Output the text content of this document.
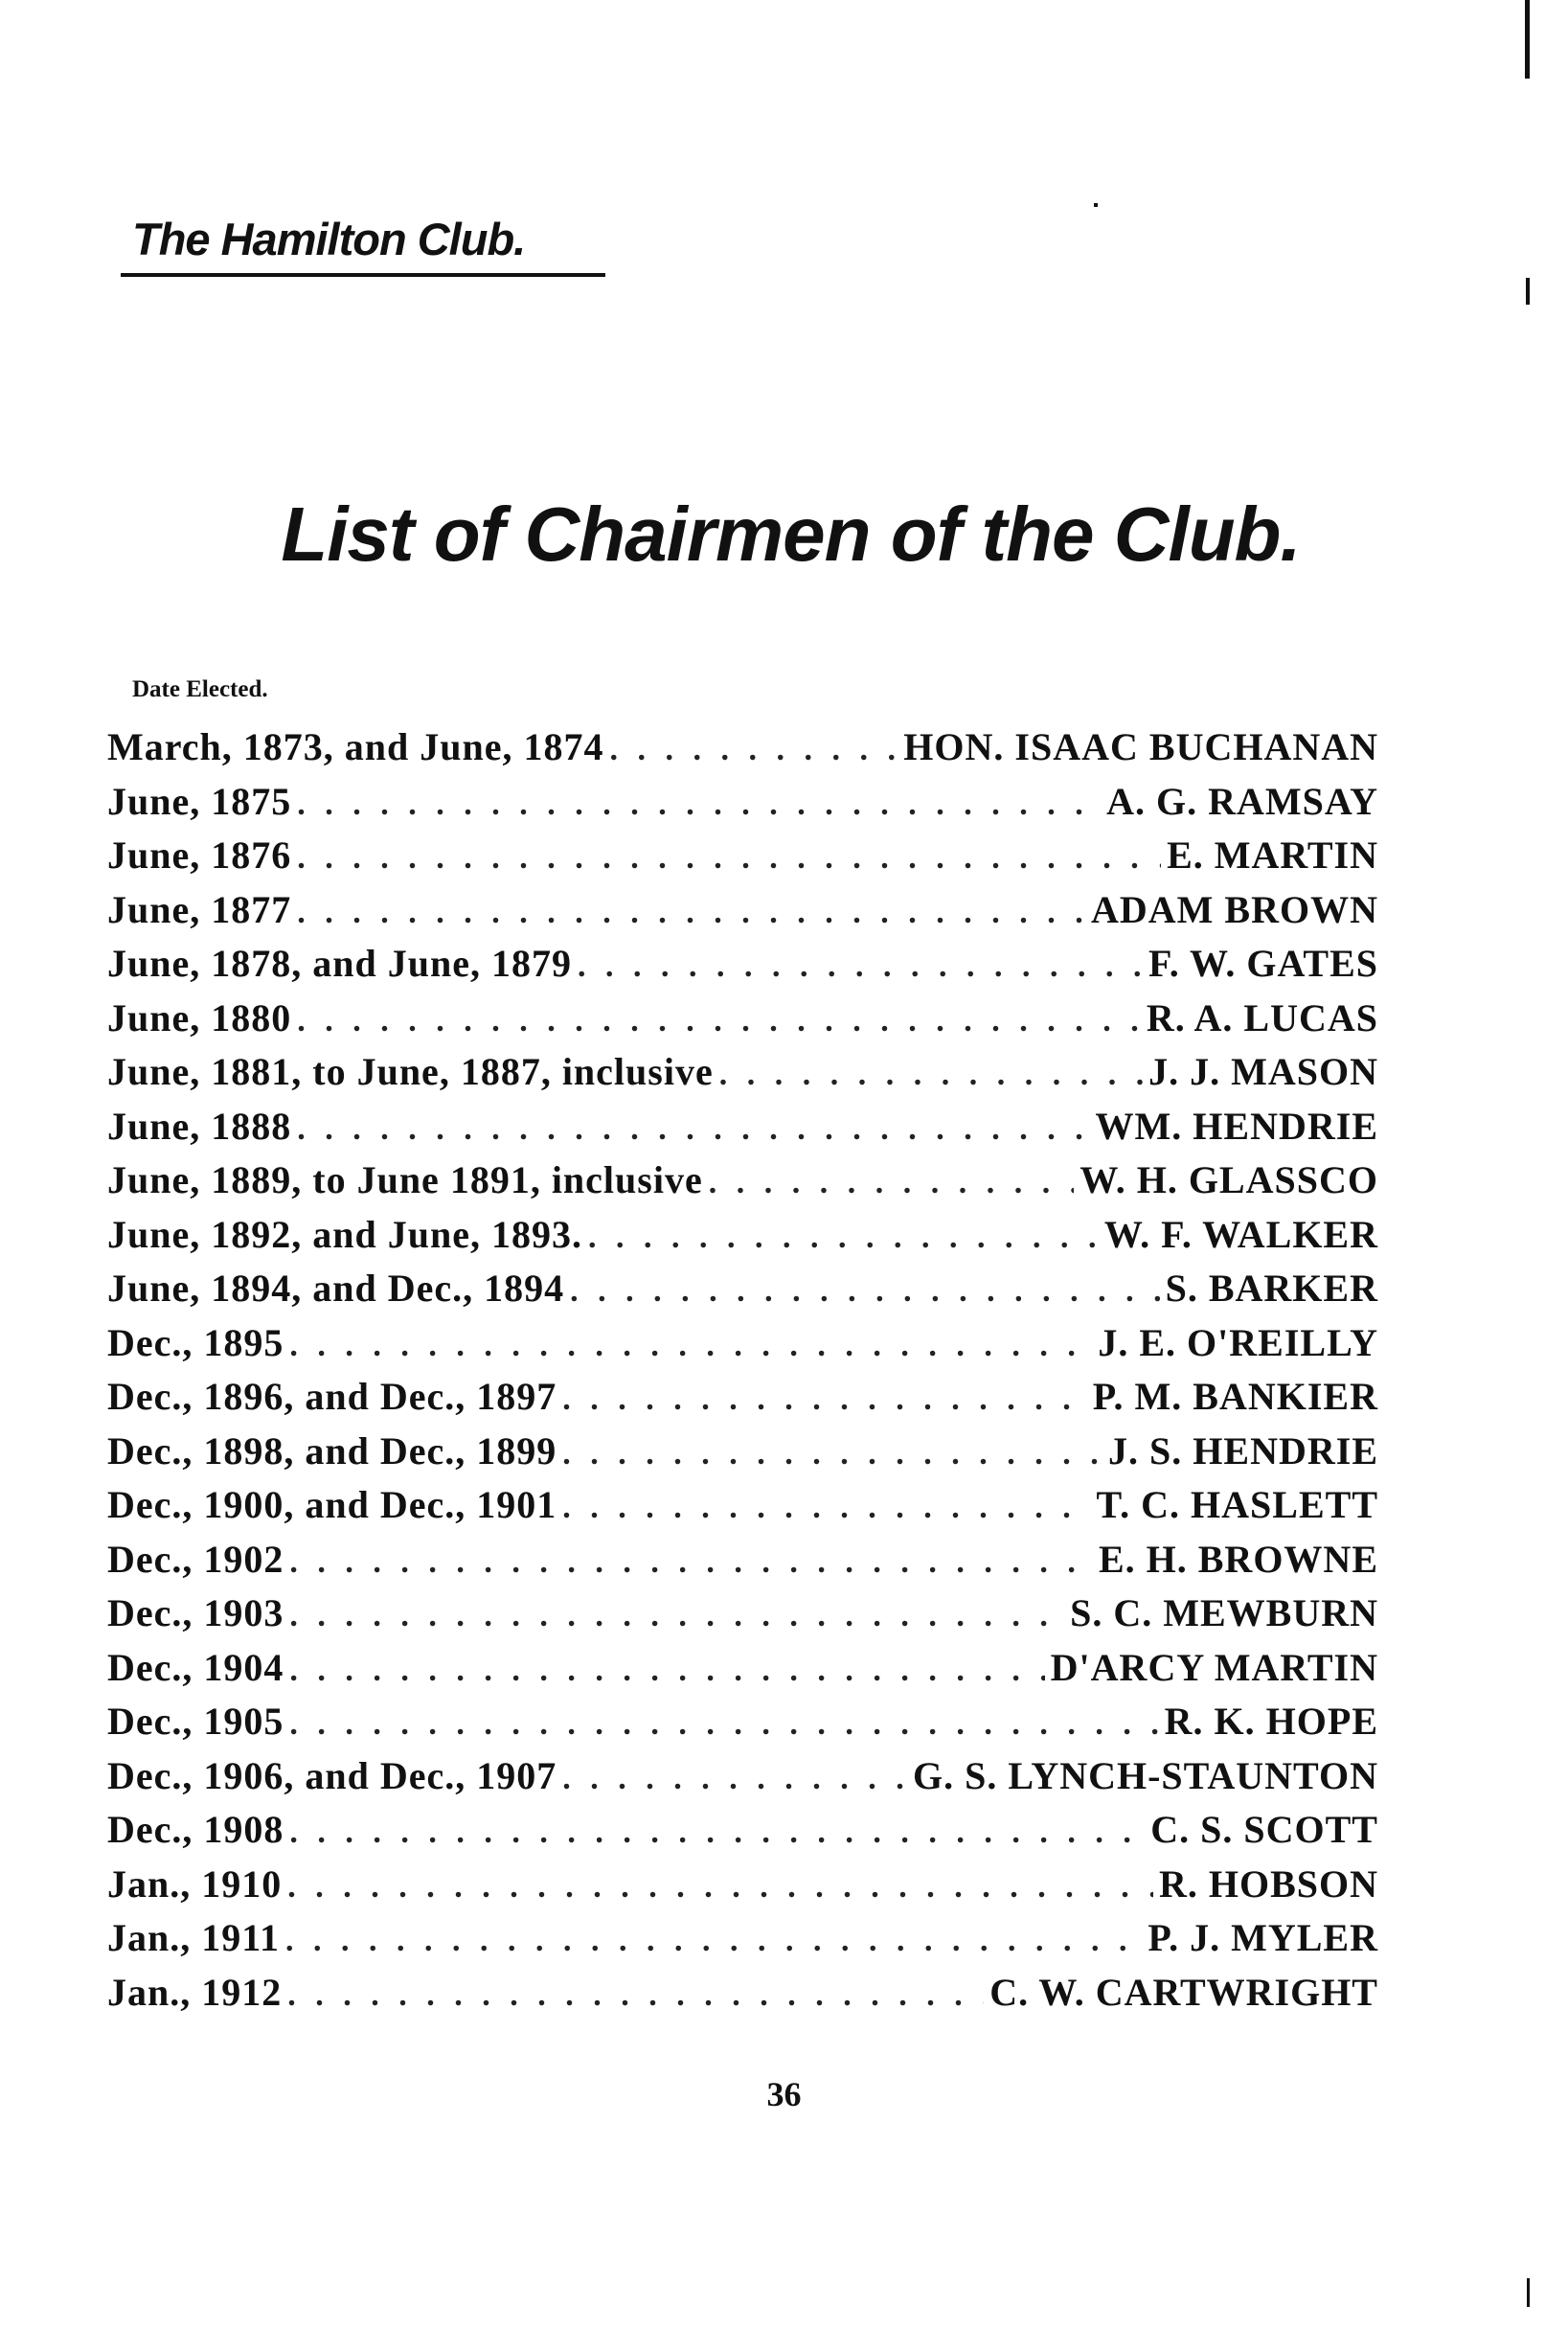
The Hamilton Club.
List of Chairmen of the Club.
Date Elected.
March, 1873, and June, 1874 . . .	HON. ISAAC BUCHANAN
June, 1875 . . .	A. G. RAMSAY
June, 1876 . . .	E. MARTIN
June, 1877 . . .	ADAM BROWN
June, 1878, and June, 1879 . . .	F. W. GATES
June, 1880 . . .	R. A. LUCAS
June, 1881, to June, 1887, inclusive . . .	J. J. MASON
June, 1888 . . .	WM. HENDRIE
June, 1889, to June 1891, inclusive . . .	W. H. GLASSCO
June, 1892, and June, 1893. . . .	W. F. WALKER
June, 1894, and Dec., 1894 . . .	S. BARKER
Dec., 1895 . . .	J. E. O'REILLY
Dec., 1896, and Dec., 1897 . . .	P. M. BANKIER
Dec., 1898, and Dec., 1899 . . .	J. S. HENDRIE
Dec., 1900, and Dec., 1901 . . .	T. C. HASLETT
Dec., 1902 . . .	E. H. BROWNE
Dec., 1903 . . .	S. C. MEWBURN
Dec., 1904 . . .	D'ARCY MARTIN
Dec., 1905 . . .	R. K. HOPE
Dec., 1906, and Dec., 1907 . . .	G. S. LYNCH-STAUNTON
Dec., 1908 . . .	C. S. SCOTT
Jan., 1910 . . .	R. HOBSON
Jan., 1911 . . .	P. J. MYLER
Jan., 1912 . . .	C. W. CARTWRIGHT
36
